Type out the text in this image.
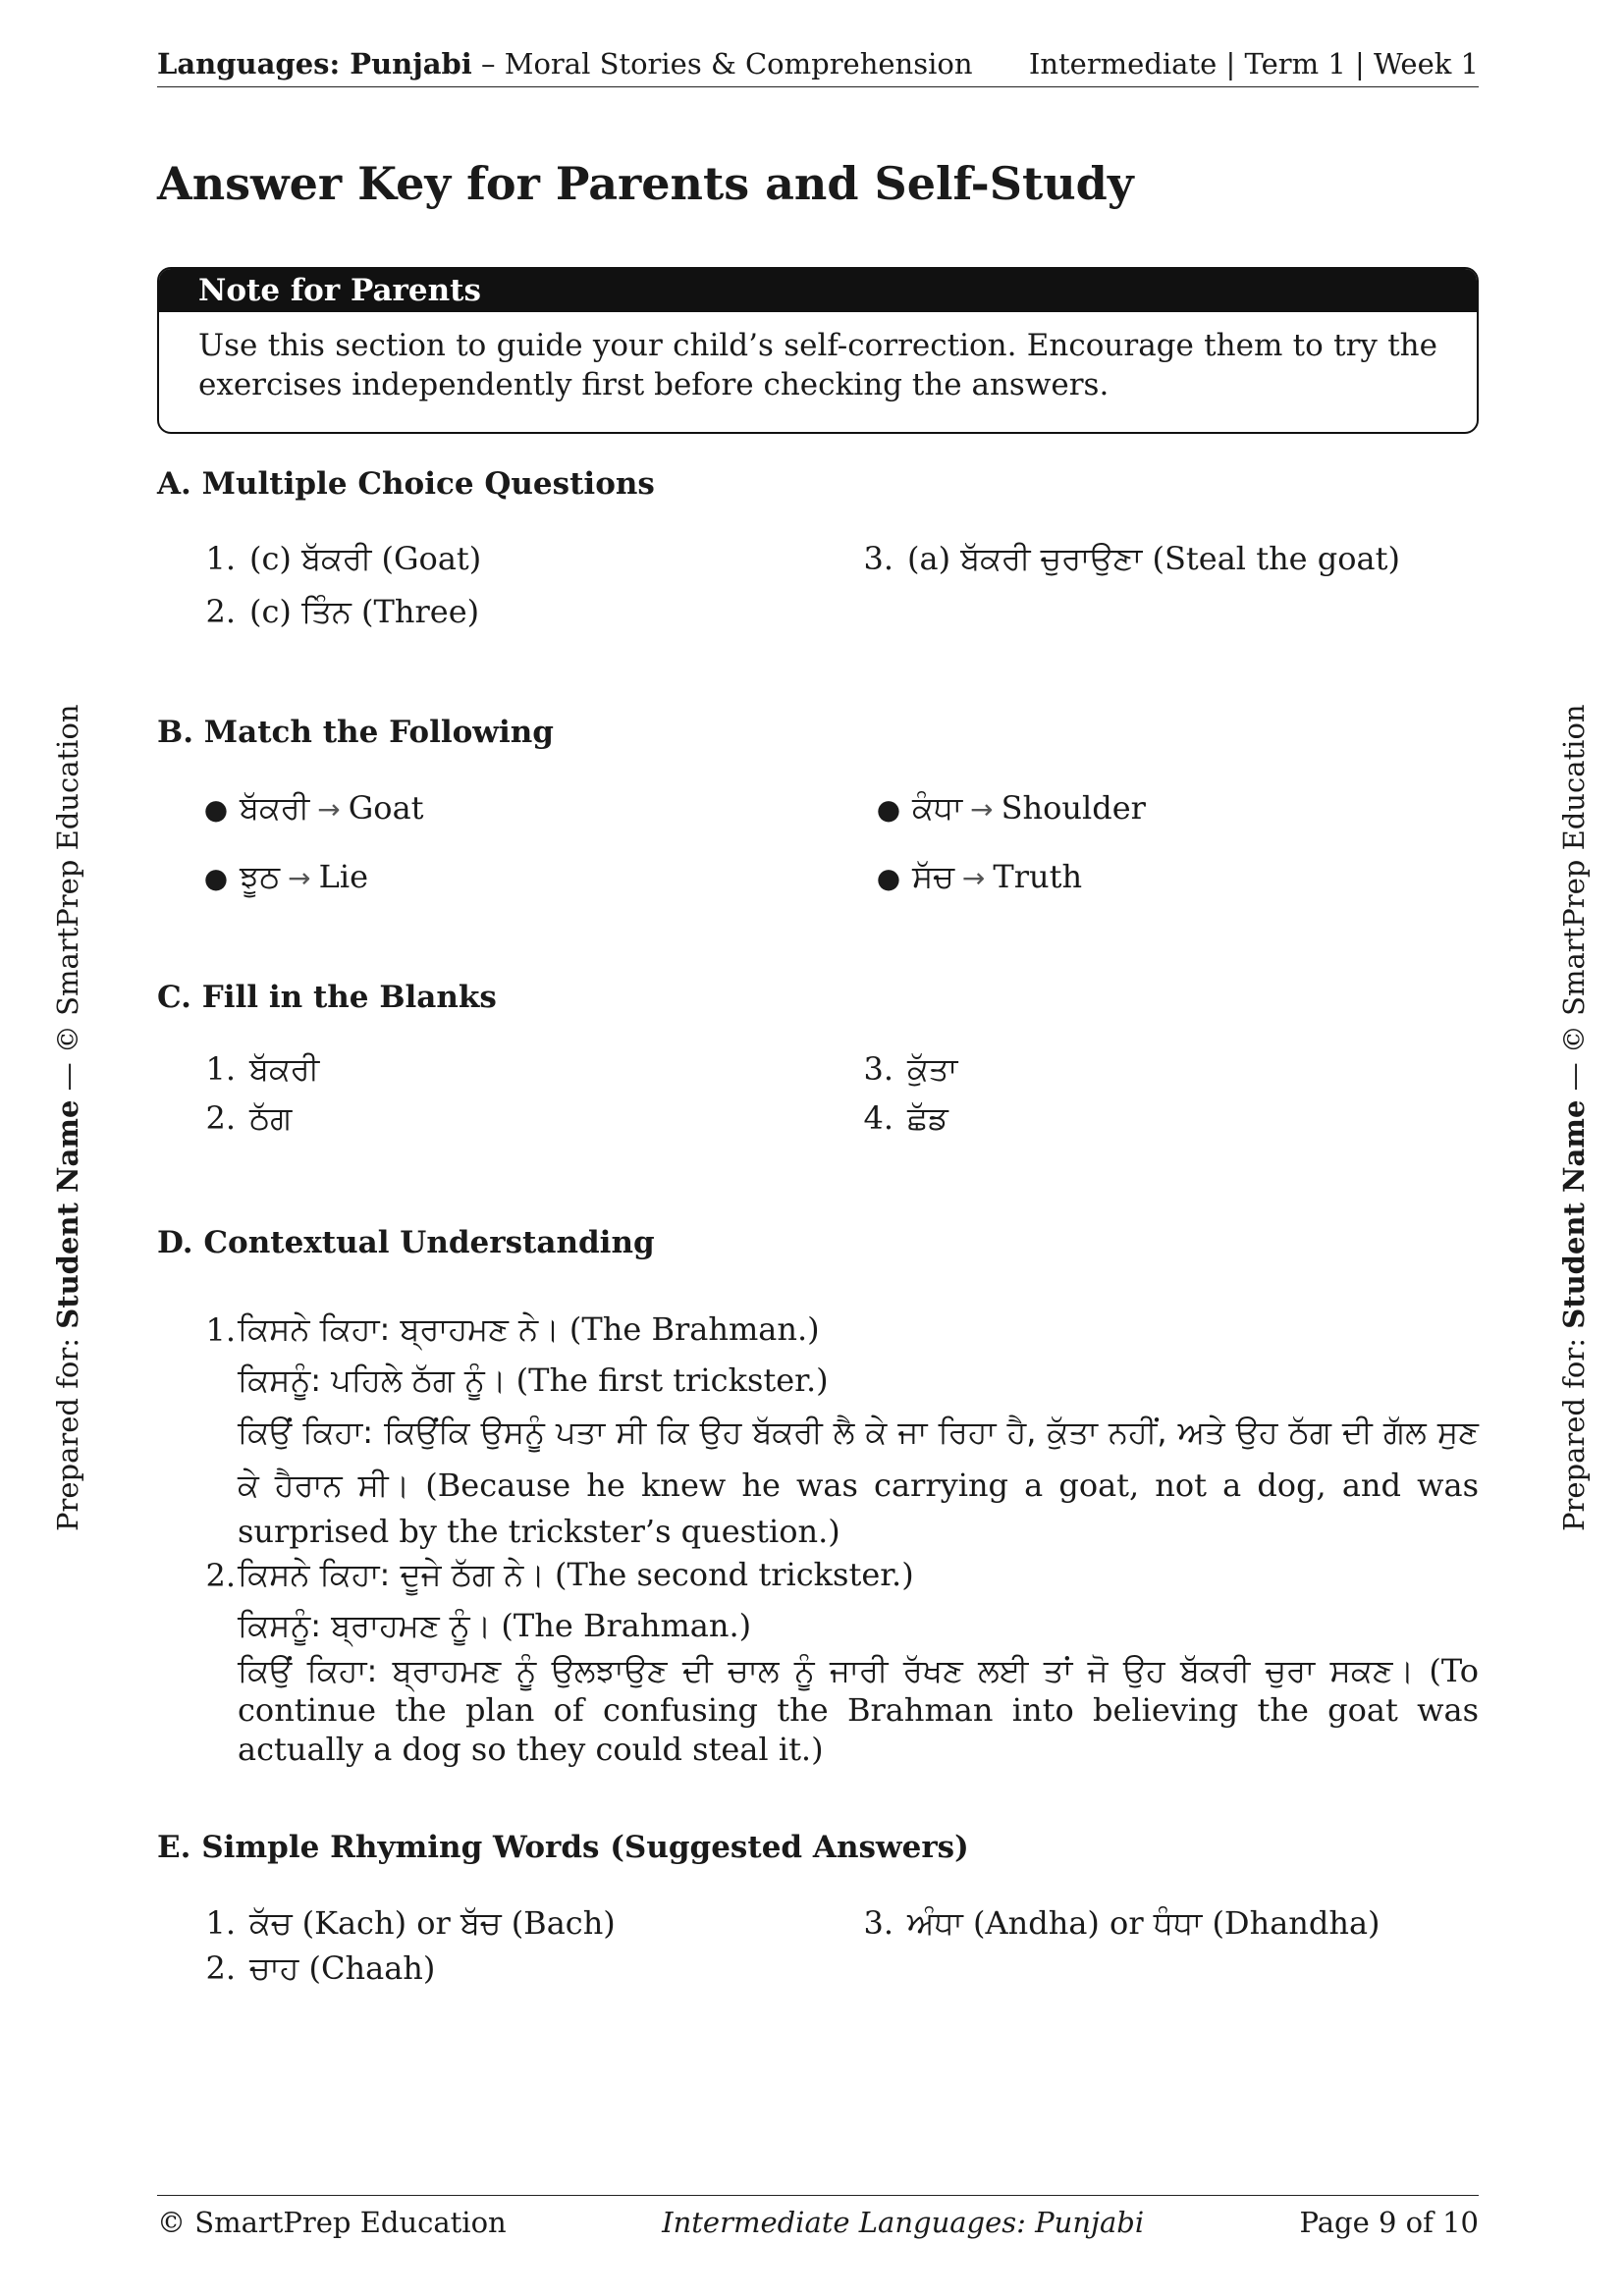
Languages: Punjabi – Moral Stories & Comprehension Intermediate | Term 1 | Week 1
Answer Key for Parents and Self-Study
Note for Parents
Use this section to guide your child’s self-correction. Encourage them to try the exercises independently first before checking the answers.
A. Multiple Choice Questions
1. (c) ਬੱਕਰੀ (Goat)
2. (c) ਤਿੰਨ (Three)
3. (a) ਬੱਕਰੀ ਚੁਰਾਉਣਾ (Steal the goat)
B. Match the Following
● ਬੱਕਰੀ → Goat
● ਝੂਠ → Lie
● ਕੰਧਾ → Shoulder
● ਸੱਚ → Truth
C. Fill in the Blanks
1. ਬੱਕਰੀ
2. ਠੱਗ
3. ਕੁੱਤਾ
4. ਛੱਡ
D. Contextual Understanding
1. ਕਿਸਨੇ ਕਿਹਾ: ਬ੍ਰਾਹਮਣ ਨੇ। (The Brahman.)
ਕਿਸਨੂੰ: ਪਹਿਲੇ ਠੱਗ ਨੂੰ। (The first trickster.)
ਕਿਉਂ ਕਿਹਾ: ਕਿਉਂਕਿ ਉਸਨੂੰ ਪਤਾ ਸੀ ਕਿ ਉਹ ਬੱਕਰੀ ਲੈ ਕੇ ਜਾ ਰਿਹਾ ਹੈ, ਕੁੱਤਾ ਨਹੀਂ, ਅਤੇ ਉਹ ਠੱਗ ਦੀ ਗੱਲ ਸੁਣ ਕੇ ਹੈਰਾਨ ਸੀ। (Because he knew he was carrying a goat, not a dog, and was surprised by the trickster’s question.)
2. ਕਿਸਨੇ ਕਿਹਾ: ਦੂਜੇ ਠੱਗ ਨੇ। (The second trickster.)
ਕਿਸਨੂੰ: ਬ੍ਰਾਹਮਣ ਨੂੰ। (The Brahman.)
ਕਿਉਂ ਕਿਹਾ: ਬ੍ਰਾਹਮਣ ਨੂੰ ਉਲਝਾਉਣ ਦੀ ਚਾਲ ਨੂੰ ਜਾਰੀ ਰੱਖਣ ਲਈ ਤਾਂ ਜੋ ਉਹ ਬੱਕਰੀ ਚੁਰਾ ਸਕਣ। (To continue the plan of confusing the Brahman into believing the goat was actually a dog so they could steal it.)
E. Simple Rhyming Words (Suggested Answers)
1. ਕੱਚ (Kach) or ਬੱਚ (Bach)
2. ਚਾਹ (Chaah)
3. ਅੰਧਾ (Andha) or ਧੰਧਾ (Dhandha)
Prepared for: Student Name — © SmartPrep Education
Prepared for: Student Name — © SmartPrep Education
© SmartPrep Education	Intermediate Languages: Punjabi	Page 9 of 10
